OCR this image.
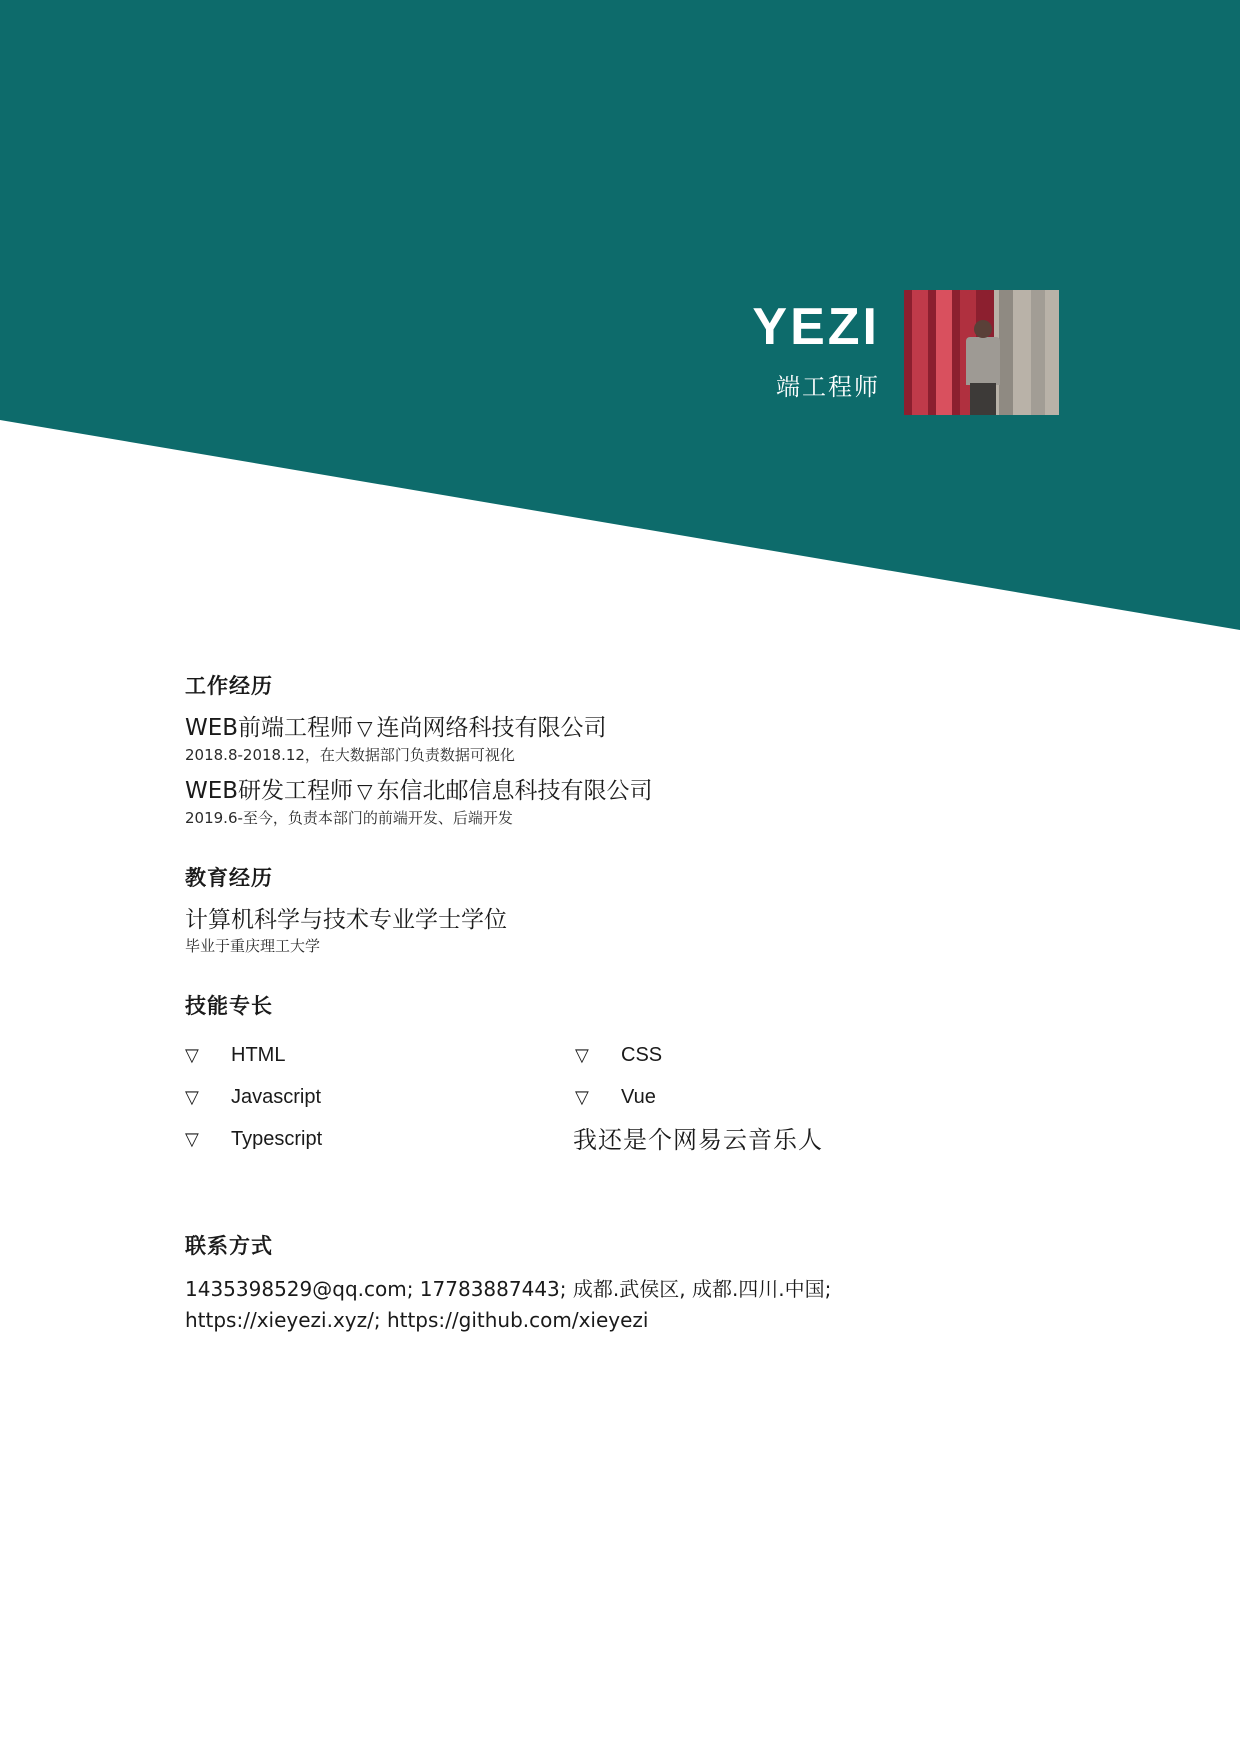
YEZI
端工程师
工作经历
WEB前端工程师 ▽ 连尚网络科技有限公司
2018.8-2018.12，在大数据部门负责数据可视化
WEB研发工程师 ▽ 东信北邮信息科技有限公司
2019.6-至今，负责本部门的前端开发、后端开发
教育经历
计算机科学与技术专业学士学位
毕业于重庆理工大学
技能专长
▽	HTML	▽	CSS
▽	Javascript	▽	Vue
▽	Typescript	我还是个网易云音乐人
联系方式
1435398529@qq.com; 17783887443; 成都.武侯区, 成都.四川.中国;
https://xieyezi.xyz/; https://github.com/xieyezi
